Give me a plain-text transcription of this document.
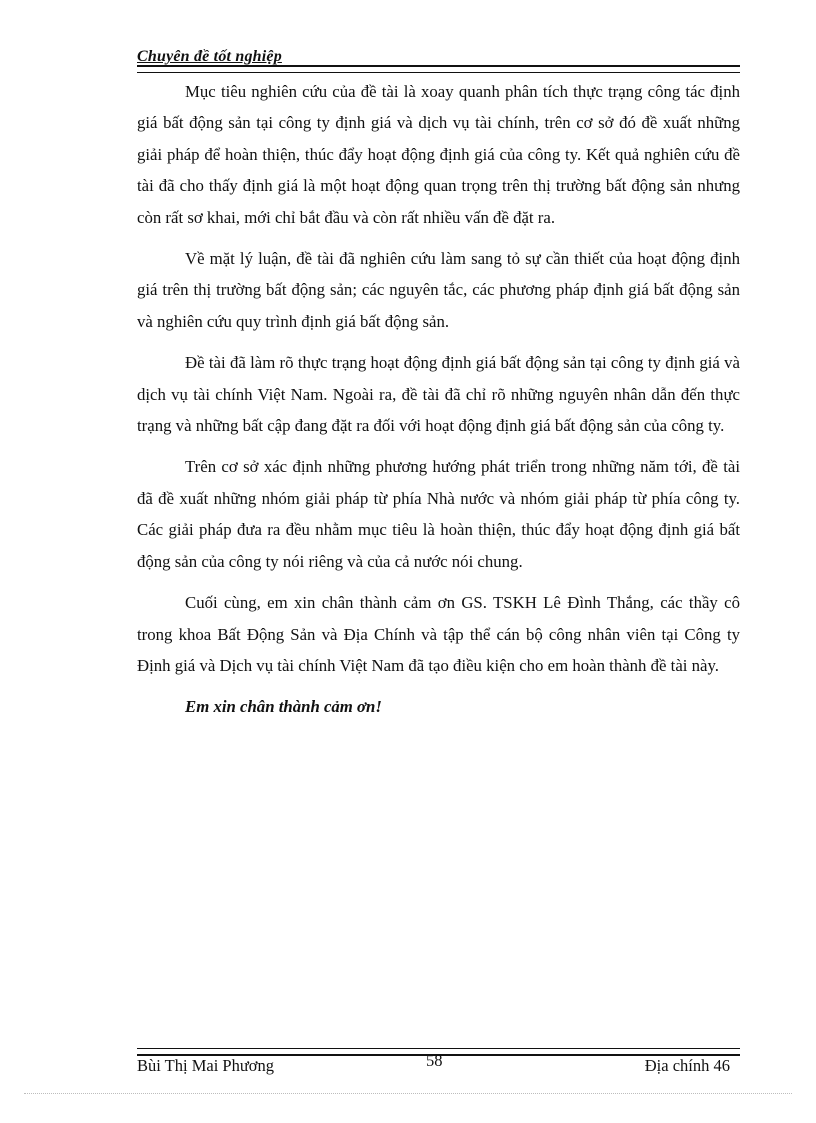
Chuyên đề tốt nghiệp

Mục tiêu nghiên cứu của đề tài là xoay quanh phân tích thực trạng công tác định giá bất động sản tại công ty định giá và dịch vụ tài chính, trên cơ sở đó đề xuất những giải pháp để hoàn thiện, thúc đẩy hoạt động định giá của công ty. Kết quả nghiên cứu đề tài đã cho thấy định giá là một hoạt động quan trọng trên thị trường bất động sản nhưng còn rất sơ khai, mới chỉ bắt đầu và còn rất nhiều vấn đề đặt ra.

Về mặt lý luận, đề tài đã nghiên cứu làm sang tỏ sự cần thiết của hoạt động định giá trên thị trường bất động sản; các nguyên tắc, các phương pháp định giá bất động sản và nghiên cứu quy trình định giá bất động sản.

Đề tài đã làm rõ thực trạng hoạt động định giá bất động sản tại công ty định giá và dịch vụ tài chính Việt Nam. Ngoài ra, đề tài đã chỉ rõ những nguyên nhân dẫn đến thực trạng và những bất cập đang đặt ra đối với hoạt động định giá bất động sản của công ty.

Trên cơ sở xác định những phương hướng phát triển trong những năm tới, đề tài đã đề xuất những nhóm giải pháp từ phía Nhà nước và nhóm giải pháp từ phía công ty. Các giải pháp đưa ra đều nhằm mục tiêu là hoàn thiện, thúc đẩy hoạt động định giá bất động sản của công ty nói riêng và của cả nước nói chung.

Cuối cùng, em xin chân thành cảm ơn GS. TSKH Lê Đình Thắng, các thầy cô trong khoa Bất Động Sản và Địa Chính và tập thể cán bộ công nhân viên tại Công ty Định giá và Dịch vụ tài chính Việt Nam đã tạo điều kiện cho em hoàn thành đề tài này.

Em xin chân thành cảm ơn!

Bùi Thị Mai Phương	58	Địa chính 46
